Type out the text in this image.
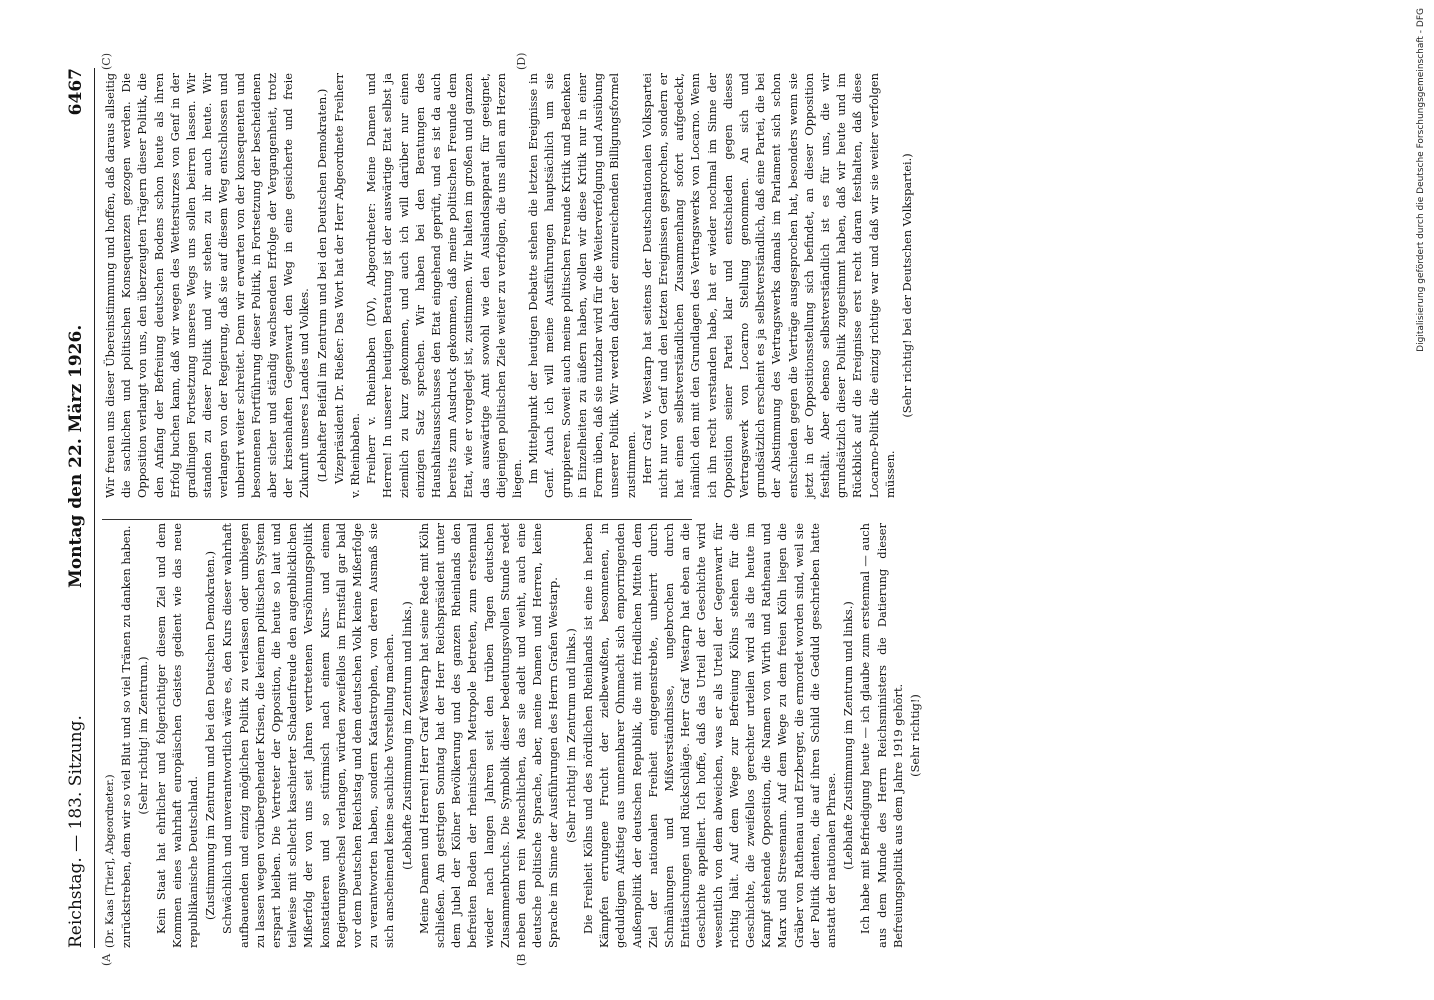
Reichstag. — 183. Sitzung.
Montag den 22. März 1926.
6467
(A	(B
(C)	(D)

(Dr. Kaas [Trier], Abgeordneter.) zurückstreben, dem wir so viel Blut und so viel Tränen zu danken haben. (Sehr richtig! im Zentrum.) Kein Staat hat ehrlicher und folgerichtiger diesem Ziel und dem Kommen eines wahrhaft europäischen Geistes gedient wie das neue republikanische Deutschland. (Zustimmung im Zentrum und bei den Deutschen Demokraten.) Schwächlich und unverantwortlich wäre es, den Kurs dieser wahrhaft aufbauenden und einzig möglichen Politik zu verlassen oder umbiegen zu lassen wegen vorübergehender Krisen, die keinem politischen System erspart bleiben. Die Vertreter der Opposition, die heute so laut und teilweise mit schlecht kaschierter Schadenfreude den augenblicklichen Mißerfolg der von uns seit Jahren vertretenen Versöhnungspolitik konstatieren und so stürmisch nach einem Kurs- und einem Regierungswechsel verlangen, würden zweifellos im Ernstfall gar bald vor dem Deutschen Reichstag und dem deutschen Volk keine Mißerfolge zu verantworten haben, sondern Katastrophen, von deren Ausmaß sie sich anscheinend keine sachliche Vorstellung machen. (Lebhafte Zustimmung im Zentrum und links.) Meine Damen und Herren! Herr Graf Westarp hat seine Rede mit Köln schließen. Am gestrigen Sonntag hat der Herr Reichspräsident unter dem Jubel der Kölner Bevölkerung und des ganzen Rheinlands den befreiten Boden der rheinischen Metropole betreten, zum erstenmal wieder nach langen Jahren seit den trüben Tagen deutschen Zusammenbruchs. Die Symbolik dieser bedeutungsvollen Stunde redet neben dem rein Menschlichen, das sie adelt und weiht, auch eine deutsche politische Sprache, aber, meine Damen und Herren, keine Sprache im Sinne der Ausführungen des Herrn Grafen Westarp. (Sehr richtig! im Zentrum und links.) Die Freiheit Kölns und des nördlichen Rheinlands ist eine in herben Kämpfen errungene Frucht der zielbewußten, besonnenen, in geduldigem Aufstieg aus unnennbarer Ohnmacht sich emporringenden Außenpolitik der deutschen Republik, die mit friedlichen Mitteln dem Ziel der nationalen Freiheit entgegenstrebte, unbeirrt durch Schmähungen und Mißverständnisse, ungebrochen durch Enttäuschungen und Rückschläge. Herr Graf Westarp hat eben an die Geschichte appelliert. Ich hoffe, daß das Urteil der Geschichte wird wesentlich von dem abweichen, was er als Urteil der Gegenwart für richtig hält. Auf dem Wege zur Befreiung Kölns stehen für die Geschichte, die zweifellos gerechter urteilen wird als die heute im Kampf stehende Opposition, die Namen von Wirth und Rathenau und Marx und Stresemann. Auf dem Wege zu dem freien Köln liegen die Gräber von Rathenau und Erzberger, die ermordet worden sind, weil sie der Politik dienten, die auf ihren Schild die Geduld geschrieben hatte anstatt der nationalen Phrase. (Lebhafte Zustimmung im Zentrum und links.) Ich habe mit Befriedigung heute — ich glaube zum erstenmal — auch aus dem Munde des Herrn Reichsministers die Datierung dieser Befreiungspolitik aus dem Jahre 1919 gehört. (Sehr richtig!)

Wir freuen uns dieser Übereinstimmung und hoffen, daß daraus allseitig die sachlichen und politischen Konsequenzen gezogen werden. Die Opposition verlangt von uns, den überzeugten Trägern dieser Politik, die den Anfang der Befreiung deutschen Bodens schon heute als ihren Erfolg buchen kann, daß wir wegen des Wettersturzes von Genf in der gradlinigen Fortsetzung unseres Wegs uns sollen beirren lassen. Wir standen zu dieser Politik und wir stehen zu ihr auch heute. Wir verlangen von der Regierung, daß sie auf diesem Weg entschlossen und unbeirrt weiter schreitet. Denn wir erwarten von der konsequenten und besonnenen Fortführung dieser Politik, in Fortsetzung der bescheidenen aber sicher und ständig wachsenden Erfolge der Vergangenheit, trotz der krisenhaften Gegenwart den Weg in eine gesicherte und freie Zukunft unseres Landes und Volkes. (Lebhafter Beifall im Zentrum und bei den Deutschen Demokraten.) Vizepräsident Dr. Rießer: Das Wort hat der Herr Abgeordnete Freiherr v. Rheinbaben. Freiherr v. Rheinbaben (DV), Abgeordneter: Meine Damen und Herren! In unserer heutigen Beratung ist der auswärtige Etat selbst ja ziemlich zu kurz gekommen, und auch ich will darüber nur einen einzigen Satz sprechen. Wir haben bei den Beratungen des Haushaltsausschusses den Etat eingehend geprüft, und es ist da auch bereits zum Ausdruck gekommen, daß meine politischen Freunde dem Etat, wie er vorgelegt ist, zustimmen. Wir halten im großen und ganzen das auswärtige Amt sowohl wie den Auslandsapparat für geeignet, diejenigen politischen Ziele weiter zu verfolgen, die uns allen am Herzen liegen. Im Mittelpunkt der heutigen Debatte stehen die letzten Ereignisse in Genf. Auch ich will meine Ausführungen hauptsächlich um sie gruppieren. Soweit auch meine politischen Freunde Kritik und Bedenken in Einzelheiten zu äußern haben, wollen wir diese Kritik nur in einer Form üben, daß sie nutzbar wird für die Weiterverfolgung und Ausübung unserer Politik. Wir werden daher der einzureichenden Billigungsformel zustimmen. Herr Graf v. Westarp hat seitens der Deutschnationalen Volkspartei nicht nur von Genf und den letzten Ereignissen gesprochen, sondern er hat einen selbstverständlichen Zusammenhang sofort aufgedeckt, nämlich den mit den Grundlagen des Vertragswerks von Locarno. Wenn ich ihn recht verstanden habe, hat er wieder nochmal im Sinne der Opposition seiner Partei klar und entschieden gegen dieses Vertragswerk von Locarno Stellung genommen. An sich und grundsätzlich erscheint es ja selbstverständlich, daß eine Partei, die bei der Abstimmung des Vertragswerks damals im Parlament sich schon entschieden gegen die Verträge ausgesprochen hat, besonders wenn sie jetzt in der Oppositionsstellung sich befindet, an dieser Opposition festhält. Aber ebenso selbstverständlich ist es für uns, die wir grundsätzlich dieser Politik zugestimmt haben, daß wir heute und im Rückblick auf die Ereignisse erst recht daran festhalten, daß diese Locarno-Politik die einzig richtige war und daß wir sie weiter verfolgen müssen.

(Sehr richtig! bei der Deutschen Volkspartei.)	Digitalisierung gefördert durch die Deutsche Forschungsgemeinschaft - DFG
